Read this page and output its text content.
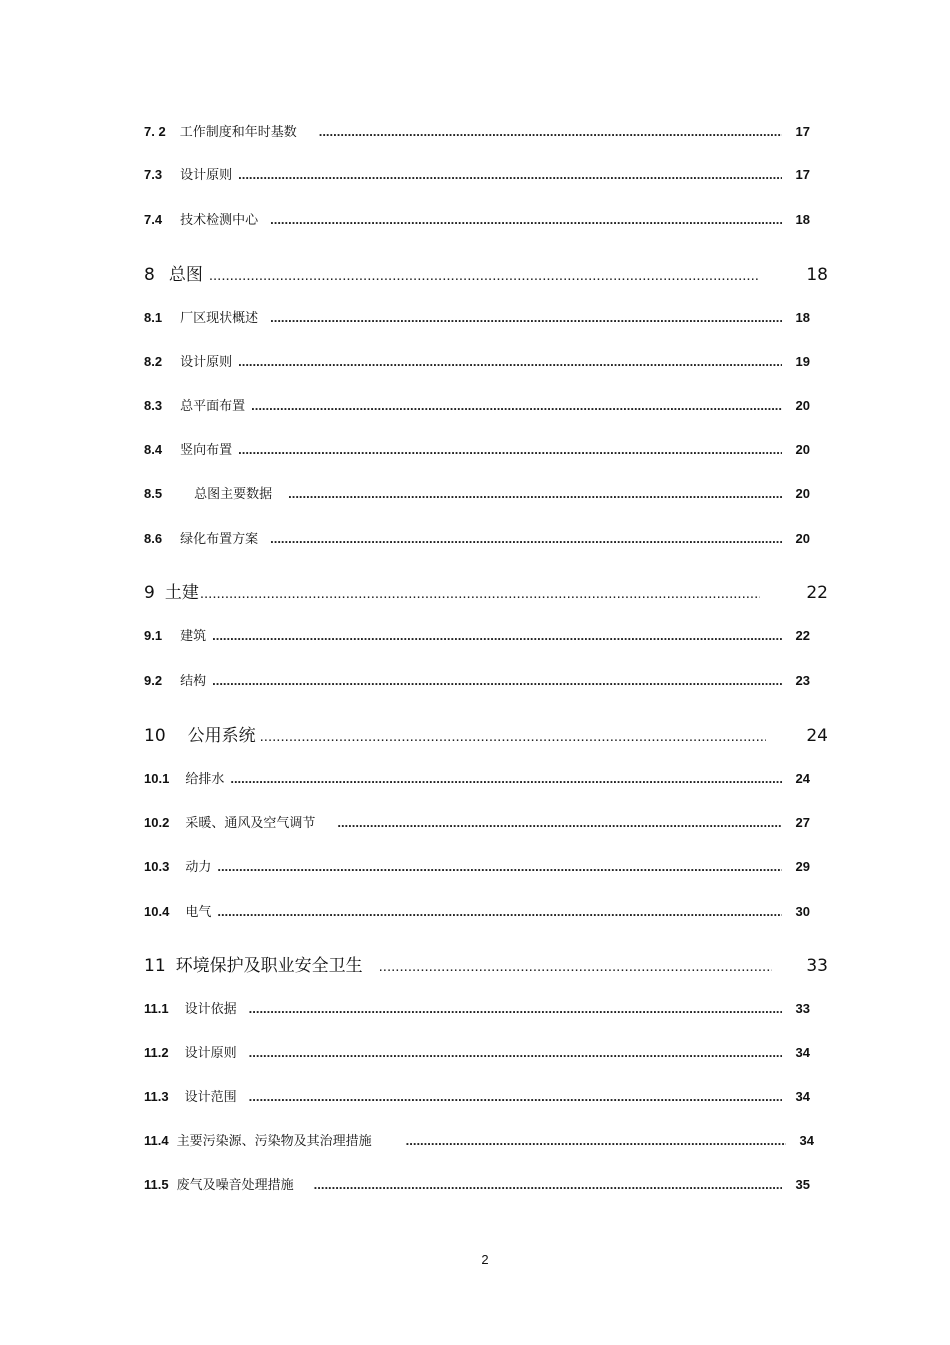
7. 2 工作制度和年时基数 .....	17
7.3 设计原则 .....	17
7.4 技术检测中心 .....	18
8 总图 .....	18
8.1 厂区现状概述 .....	18
8.2 设计原则 .....	19
8.3 总平面布置 .....	20
8.4 竖向布置 .....	20
8.5 总图主要数据 .....	20
8.6 绿化布置方案 .....	20
9 土建 .....	22
9.1 建筑 .....	22
9.2 结构 .....	23
10 公用系统 .....	24
10.1 给排水 .....	24
10.2 采暖、通风及空气调节 .....	27
10.3 动力 .....	29
10.4 电气 .....	30
11 环境保护及职业安全卫生 .....	33
11.1 设计依据 .....	33
11.2 设计原则 .....	34
11.3 设计范围 .....	34
11.4 主要污染源、污染物及其治理措施 .....	34
11.5 废气及噪音处理措施 .....	35
2
